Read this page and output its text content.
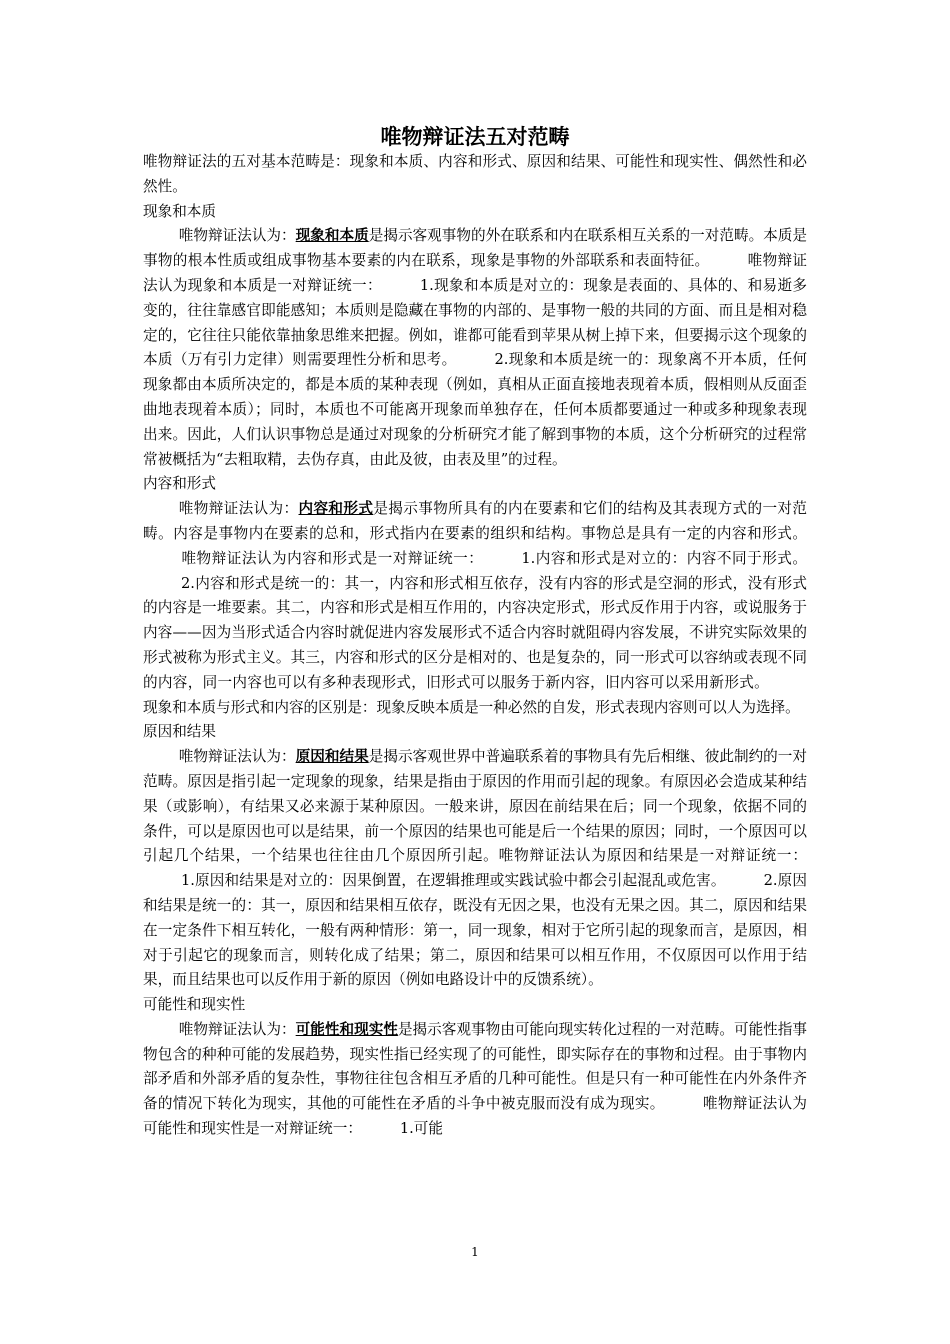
唯物辩证法五对范畴

唯物辩证法的五对基本范畴是：现象和本质、内容和形式、原因和结果、可能性和现实性、偶然性和必然性。

现象和本质

唯物辩证法认为：现象和本质是揭示客观事物的外在联系和内在联系相互关系的一对范畴。本质是事物的根本性质或组成事物基本要素的内在联系，现象是事物的外部联系和表面特征。	唯物辩证法认为现象和本质是一对辩证统一：	1.现象和本质是对立的：现象是表面的、具体的、和易逝多变的，往往靠感官即能感知；本质则是隐藏在事物的内部的、是事物一般的共同的方面、而且是相对稳定的，它往往只能依靠抽象思维来把握。例如，谁都可能看到苹果从树上掉下来，但要揭示这个现象的本质（万有引力定律）则需要理性分析和思考。	2.现象和本质是统一的：现象离不开本质，任何现象都由本质所决定的，都是本质的某种表现（例如，真相从正面直接地表现着本质，假相则从反面歪曲地表现着本质）；同时，本质也不可能离开现象而单独存在，任何本质都要通过一种或多种现象表现出来。因此，人们认识事物总是通过对现象的分析研究才能了解到事物的本质，这个分析研究的过程常常被概括为“去粗取精，去伪存真，由此及彼，由表及里”的过程。

内容和形式

唯物辩证法认为：内容和形式是揭示事物所具有的内在要素和它们的结构及其表现方式的一对范畴。内容是事物内在要素的总和，形式指内在要素的组织和结构。事物总是具有一定的内容和形式。唯物辩证法认为内容和形式是一对辩证统一：	1.内容和形式是对立的：内容不同于形式。2.内容和形式是统一的：其一，内容和形式相互依存，没有内容的形式是空洞的形式，没有形式的内容是一堆要素。其二，内容和形式是相互作用的，内容决定形式，形式反作用于内容，或说服务于内容——因为当形式适合内容时就促进内容发展形式不适合内容时就阻碍内容发展，不讲究实际效果的形式被称为形式主义。其三，内容和形式的区分是相对的、也是复杂的，同一形式可以容纳或表现不同的内容，同一内容也可以有多种表现形式，旧形式可以服务于新内容，旧内容可以采用新形式。现象和本质与形式和内容的区别是：现象反映本质是一种必然的自发，形式表现内容则可以人为选择。

原因和结果

唯物辩证法认为：原因和结果是揭示客观世界中普遍联系着的事物具有先后相继、彼此制约的一对范畴。原因是指引起一定现象的现象，结果是指由于原因的作用而引起的现象。有原因必会造成某种结果（或影响），有结果又必来源于某种原因。一般来讲，原因在前结果在后；同一个现象，依据不同的条件，可以是原因也可以是结果，前一个原因的结果也可能是后一个结果的原因；同时，一个原因可以引起几个结果，一个结果也往往由几个原因所引起。唯物辩证法认为原因和结果是一对辩证统一：1.原因和结果是对立的：因果倒置，在逻辑推理或实践试验中都会引起混乱或危害。	2.原因和结果是统一的：其一，原因和结果相互依存，既没有无因之果，也没有无果之因。其二，原因和结果在一定条件下相互转化，一般有两种情形：第一，同一现象，相对于它所引起的现象而言，是原因，相对于引起它的现象而言，则转化成了结果；第二，原因和结果可以相互作用，不仅原因可以作用于结果，而且结果也可以反作用于新的原因（例如电路设计中的反馈系统）。

可能性和现实性

唯物辩证法认为：可能性和现实性是揭示客观事物由可能向现实转化过程的一对范畴。可能性指事物包含的种种可能的发展趋势，现实性指已经实现了的可能性，即实际存在的事物和过程。由于事物内部矛盾和外部矛盾的复杂性，事物往往包含相互矛盾的几种可能性。但是只有一种可能性在内外条件齐备的情况下转化为现实，其他的可能性在矛盾的斗争中被克服而没有成为现实。	唯物辩证法认为可能性和现实性是一对辩证统一：	1.可能

1
